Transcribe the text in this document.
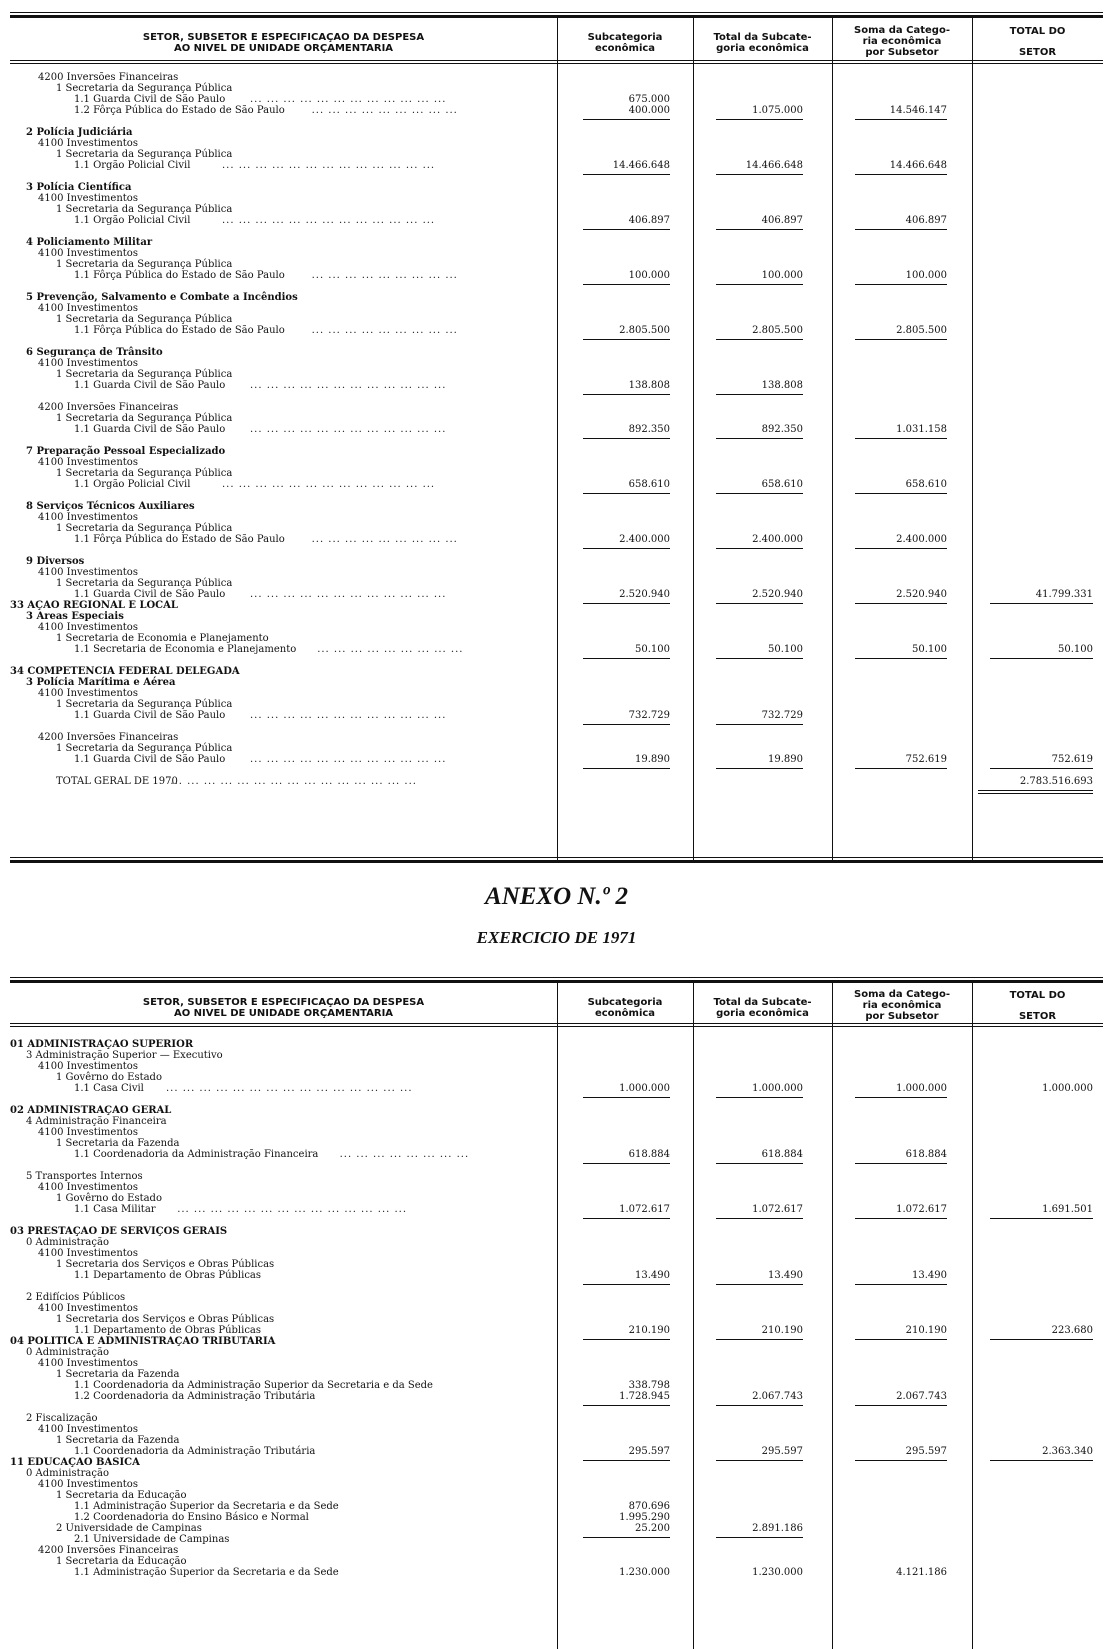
SETOR, SUBSETOR E ESPECIFICAÇAO DA DESPESA
AO NIVEL DE UNIDADE ORÇAMENTARIA
Subcategoria
econômica
Total da Subcate-
goria econômica
Soma da Catego-
ria econômica
por Subsetor
TOTAL DO
SETOR
4200 Inversões Financeiras
1 Secretaria da Segurança Pública
1.1 Guarda Civil de São Paulo ... ... ... ... ... ... ... ... ... ... ... ...	675.000
1.2 Fôrça Pública do Estado de São Paulo	... ... ... ... ... ... ... ... ...	400.000	1.075.000	14.546.147
2 Polícia Judiciária
4100 Investimentos
1 Secretaria da Segurança Pública
1.1 Orgão Policial Civil	... ... ... ... ... ... ... ... ... ... ... ... ...	14.466.648	14.466.648	14.466.648
3 Polícia Científica
4100 Investimentos
1 Secretaria da Segurança Pública
1.1 Orgão Policial Civil	... ... ... ... ... ... ... ... ... ... ... ... ...	406.897	406.897	406.897
4 Policiamento Militar
4100 Investimentos
1 Secretaria da Segurança Pública
1.1 Fôrça Pública do Estado de São Paulo	... ... ... ... ... ... ... ... ...	100.000	100.000	100.000
5 Prevenção, Salvamento e Combate a Incêndios
4100 Investimentos
1 Secretaria da Segurança Pública
1.1 Fôrça Pública do Estado de São Paulo	... ... ... ... ... ... ... ... ...	2.805.500	2.805.500	2.805.500
6 Segurança de Trânsito
4100 Investimentos
1 Secretaria da Segurança Pública
1.1 Guarda Civil de São Paulo ... ... ... ... ... ... ... ... ... ... ... ...	138.808	138.808
4200 Inversões Financeiras
1 Secretaria da Segurança Pública
1.1 Guarda Civil de São Paulo ... ... ... ... ... ... ... ... ... ... ... ...	892.350	892.350	1.031.158
7 Preparação Pessoal Especializado
4100 Investimentos
1 Secretaria da Segurança Pública
1.1 Orgão Policial Civil	... ... ... ... ... ... ... ... ... ... ... ... ...	658.610	658.610	658.610
8 Serviços Técnicos Auxiliares
4100 Investimentos
1 Secretaria da Segurança Pública
1.1 Fôrça Pública do Estado de São Paulo	... ... ... ... ... ... ... ... ...	2.400.000	2.400.000	2.400.000
9 Diversos
4100 Investimentos
1 Secretaria da Segurança Pública
1.1 Guarda Civil de São Paulo ... ... ... ... ... ... ... ... ... ... ... ...	2.520.940	2.520.940	2.520.940	41.799.331
33 AÇAO REGIONAL E LOCAL
3 Areas Especiais
4100 Investimentos
1 Secretaria de Economia e Planejamento
1.1 Secretaria de Economia e Planejamento ... ... ... ... ... ... ... ... ...	50.100	50.100	50.100	50.100
34 COMPETENCIA FEDERAL DELEGADA
3 Polícia Marítima e Aérea
4100 Investimentos
1 Secretaria da Segurança Pública
1.1 Guarda Civil de São Paulo ... ... ... ... ... ... ... ... ... ... ... ...	732.729	732.729
4200 Inversões Financeiras
1 Secretaria da Segurança Pública
1.1 Guarda Civil de São Paulo ... ... ... ... ... ... ... ... ... ... ... ...	19.890	19.890	752.619	752.619
TOTAL GERAL DE 1970
... ... ... ... ... ... ... ... ... ... ... ... ... ... ...	2.783.516.693
ANEXO N.º 2
EXERCICIO DE 1971
SETOR, SUBSETOR E ESPECIFICAÇAO DA DESPESA
AO NIVEL DE UNIDADE ORÇAMENTARIA
Subcategoria
econômica
Total da Subcate-
goria econômica
Soma da Catego-
ria econômica
por Subsetor
TOTAL DO
SETOR
01 ADMINISTRAÇAO SUPERIOR
3 Administração Superior — Executivo
4100 Investimentos
1 Govêrno do Estado
1.1 Casa Civil ... ... ... ... ... ... ... ... ... ... ... ... ... ... ...	1.000.000	1.000.000	1.000.000	1.000.000
02 ADMINISTRAÇAO GERAL
4 Administração Financeira
4100 Investimentos
1 Secretaria da Fazenda
1.1 Coordenadoria da Administração Financeira ... ... ... ... ... ... ... ...	618.884	618.884	618.884
5 Transportes Internos
4100 Investimentos
1 Govêrno do Estado
1.1 Casa Militar ... ... ... ... ... ... ... ... ... ... ... ... ... ...	1.072.617	1.072.617	1.072.617	1.691.501
03 PRESTAÇAO DE SERVIÇOS GERAIS
0 Administração
4100 Investimentos
1 Secretaria dos Serviços e Obras Públicas
1.1 Departamento de Obras Públicas	13.490	13.490	13.490
2 Edifícios Públicos
4100 Investimentos
1 Secretaria dos Serviços e Obras Públicas
1.1 Departamento de Obras Públicas	210.190	210.190	210.190	223.680
04 POLITICA E ADMINISTRAÇAO TRIBUTARIA
0 Administração
4100 Investimentos
1 Secretaria da Fazenda
1.1 Coordenadoria da Administração Superior da Secretaria e da Sede	338.798
1.2 Coordenadoria da Administração Tributária	1.728.945	2.067.743	2.067.743
2 Fiscalização
4100 Investimentos
1 Secretaria da Fazenda
1.1 Coordenadoria da Administração Tributária	295.597	295.597	295.597	2.363.340
11 EDUCAÇAO BASICA
0 Administração
4100 Investimentos
1 Secretaria da Educação
1.1 Administração Superior da Secretaria e da Sede	870.696
1.2 Coordenadoria do Ensino Básico e Normal	1.995.290
2 Universidade de Campinas	25.200	2.891.186
2.1 Universidade de Campinas
4200 Inversões Financeiras
1 Secretaria da Educação
1.1 Administração Superior da Secretaria e da Sede	1.230.000	1.230.000	4.121.186
